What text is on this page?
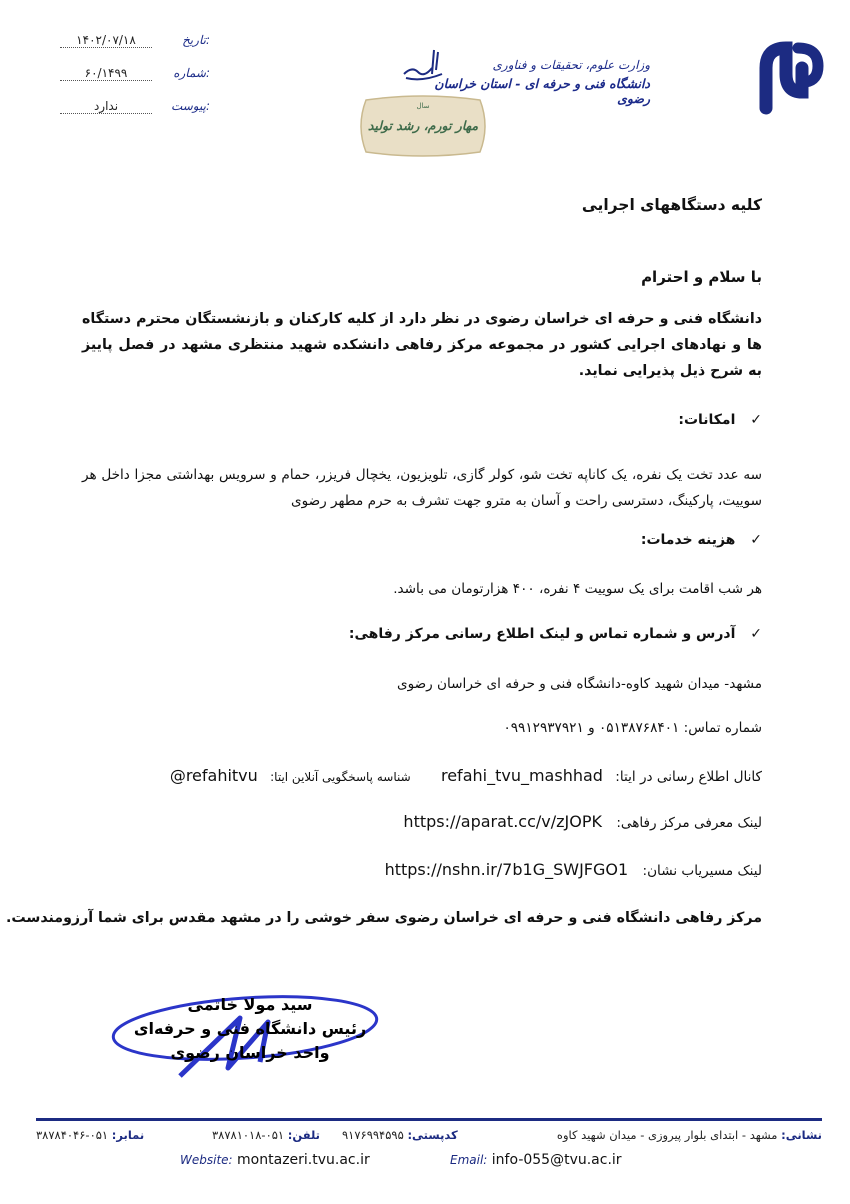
تاریخ:
۱۴۰۲/۰۷/۱۸
شماره:
۶۰/۱۴۹۹
پیوست:
ندارد	سال
مهار تورم، رشد تولید
وزارت علوم، تحقیقات و فناوری
دانشگاه فنی و حرفه ای - استان خراسان رضوی
کلیه دستگاههای اجرایی
با سلام و احترام
دانشگاه فنی و حرفه ای خراسان رضوی در نظر دارد از کلیه کارکنان و بازنشستگان محترم دستگاه ها و نهادهای اجرایی کشور در مجموعه مرکز رفاهی دانشکده شهید منتظری مشهد در فصل پاییز به شرح ذیل پذیرایی نماید.
✓ امکانات:
سه عدد تخت یک نفره، یک کاناپه تخت شو، کولر گازی، تلویزیون، یخچال فریزر، حمام و سرویس بهداشتی مجزا داخل هر سوییت، پارکینگ، دسترسی راحت و آسان به مترو جهت تشرف به حرم مطهر رضوی
✓ هزینه خدمات:
هر شب اقامت برای یک سوییت ۴ نفره، ۴۰۰ هزارتومان می باشد.
✓ آدرس و شماره تماس و لینک اطلاع رسانی مرکز رفاهی:
مشهد- میدان شهید کاوه-دانشگاه فنی و حرفه ای خراسان رضوی
شماره تماس: ۰۵۱۳۸۷۶۸۴۰۱ و ۰۹۹۱۲۹۳۷۹۲۱
کانال اطلاع رسانی در ایتا: refahi_tvu_mashhad شناسه پاسخگویی آنلاین ایتا: @refahitvu
لینک معرفی مرکز رفاهی: https://aparat.cc/v/zJOPK
لینک مسیریاب نشان: https://nshn.ir/7b1G_SWJFGO1
مرکز رفاهی دانشگاه فنی و حرفه ای خراسان رضوی سفر خوشی را در مشهد مقدس برای شما آرزومندست.
سید مولا خاتمی
رئیس دانشگاه فنی و حرفه‌ای
واحد خراسان رضوی
نمابر: ۰۵۱-۳۸۷۸۴۰۴۶	تلفن: ۰۵۱-۳۸۷۸۱۰۱۸	کدپستی: ۹۱۷۶۹۹۴۵۹۵	نشانی: مشهد - ابتدای بلوار پیروزی - میدان شهید کاوه
Website: montazeri.tvu.ac.ir	Email: info-055@tvu.ac.ir
